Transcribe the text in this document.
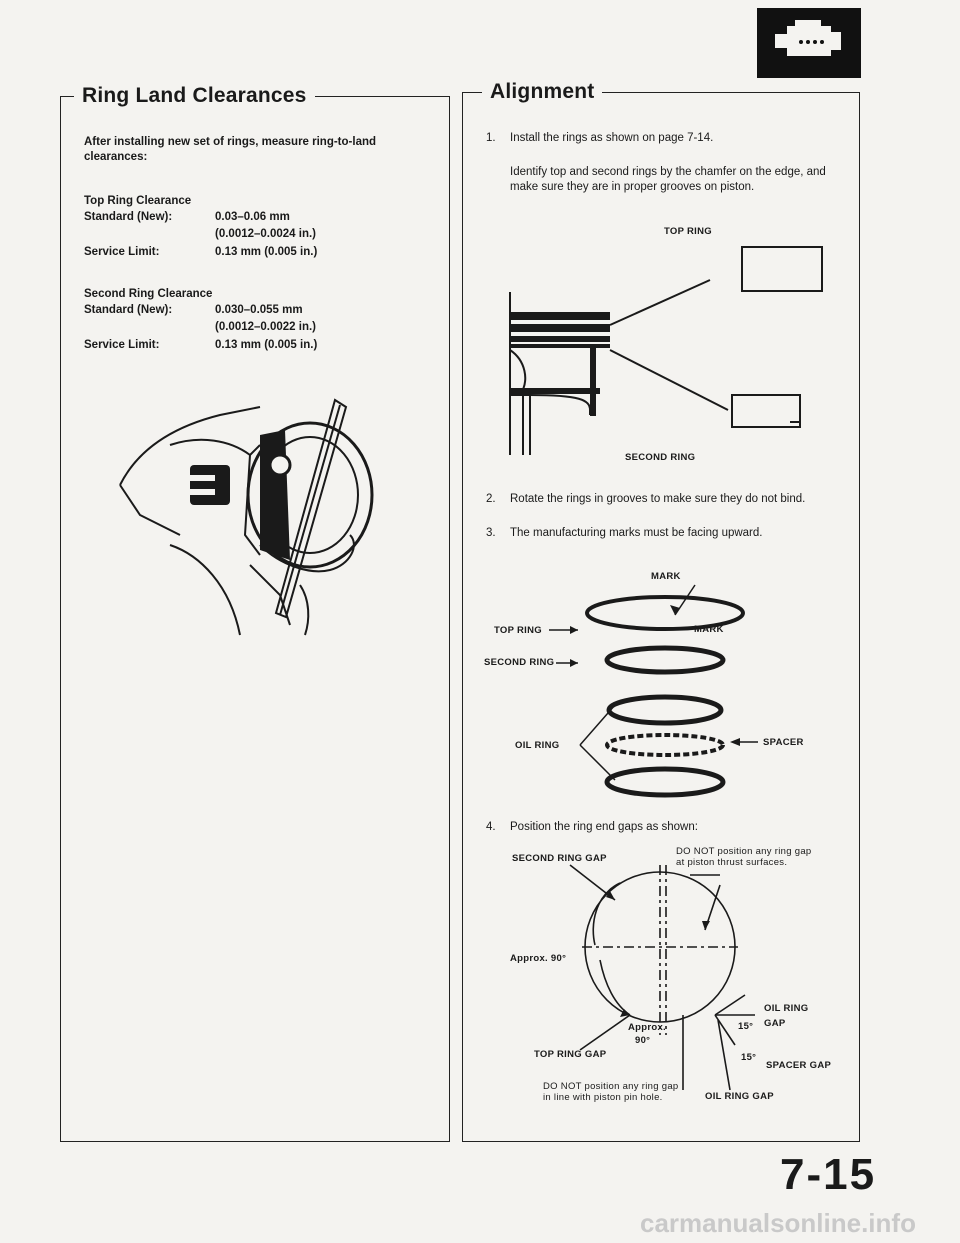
Ring Land Clearances
After installing new set of rings, measure ring-to-land clearances:
Top Ring Clearance
Standard (New):	0.03–0.06 mm
(0.0012–0.0024 in.)
Service Limit:	0.13 mm (0.005 in.)
Second Ring Clearance
Standard (New):	0.030–0.055 mm
(0.0012–0.0022 in.)
Service Limit:	0.13 mm (0.005 in.)
Alignment
1. Install the rings as shown on page 7-14.
Identify top and second rings by the chamfer on the edge, and make sure they are in proper grooves on piston.
TOP RING
SECOND RING
2. Rotate the rings in grooves to make sure they do not bind.
3. The manufacturing marks must be facing upward.
MARK
MARK
TOP RING
SECOND RING
OIL RING	SPACER
4. Position the ring end gaps as shown:
SECOND RING GAP
DO NOT position any ring gap at piston thrust surfaces.
Approx. 90°
Approx.
90°
OIL RING
GAP
15°
15°
SPACER GAP
TOP RING GAP
DO NOT position any ring gap in line with piston pin hole.	OIL RING GAP
7-15
carmanualsonline.info
